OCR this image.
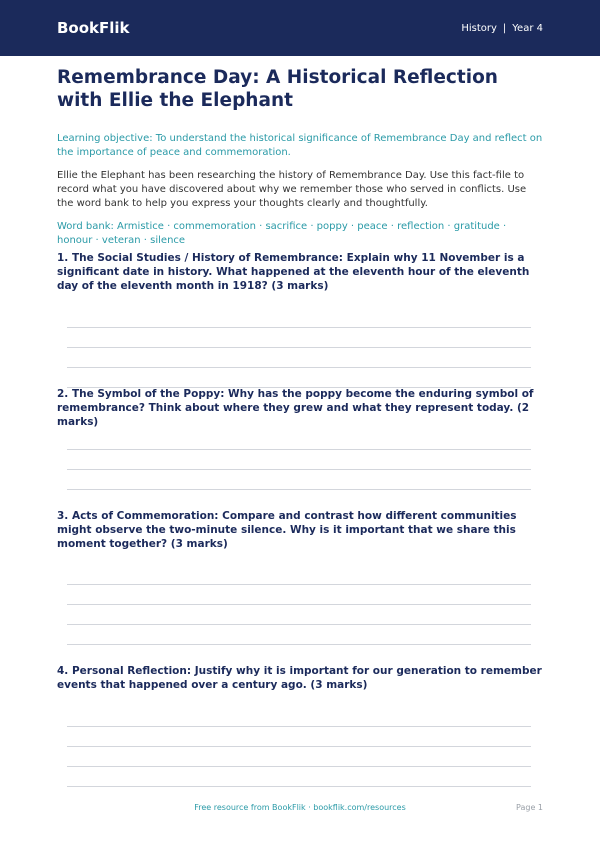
BookFlik	History | Year 4
Remembrance Day: A Historical Reflection with Ellie the Elephant

Learning objective: To understand the historical significance of Remembrance Day and reflect on the importance of peace and commemoration.

Ellie the Elephant has been researching the history of Remembrance Day. Use this fact-file to record what you have discovered about why we remember those who served in conflicts. Use the word bank to help you express your thoughts clearly and thoughtfully.

Word bank: Armistice · commemoration · sacrifice · poppy · peace · reflection · gratitude · honour · veteran · silence

1. The Social Studies / History of Remembrance: Explain why 11 November is a significant date in history. What happened at the eleventh hour of the eleventh day of the eleventh month in 1918? (3 marks)
2. The Symbol of the Poppy: Why has the poppy become the enduring symbol of remembrance? Think about where they grew and what they represent today. (2 marks)
3. Acts of Commemoration: Compare and contrast how different communities might observe the two-minute silence. Why is it important that we share this moment together? (3 marks)
4. Personal Reflection: Justify why it is important for our generation to remember events that happened over a century ago. (3 marks)
Free resource from BookFlik · bookflik.com/resources	Page 1
